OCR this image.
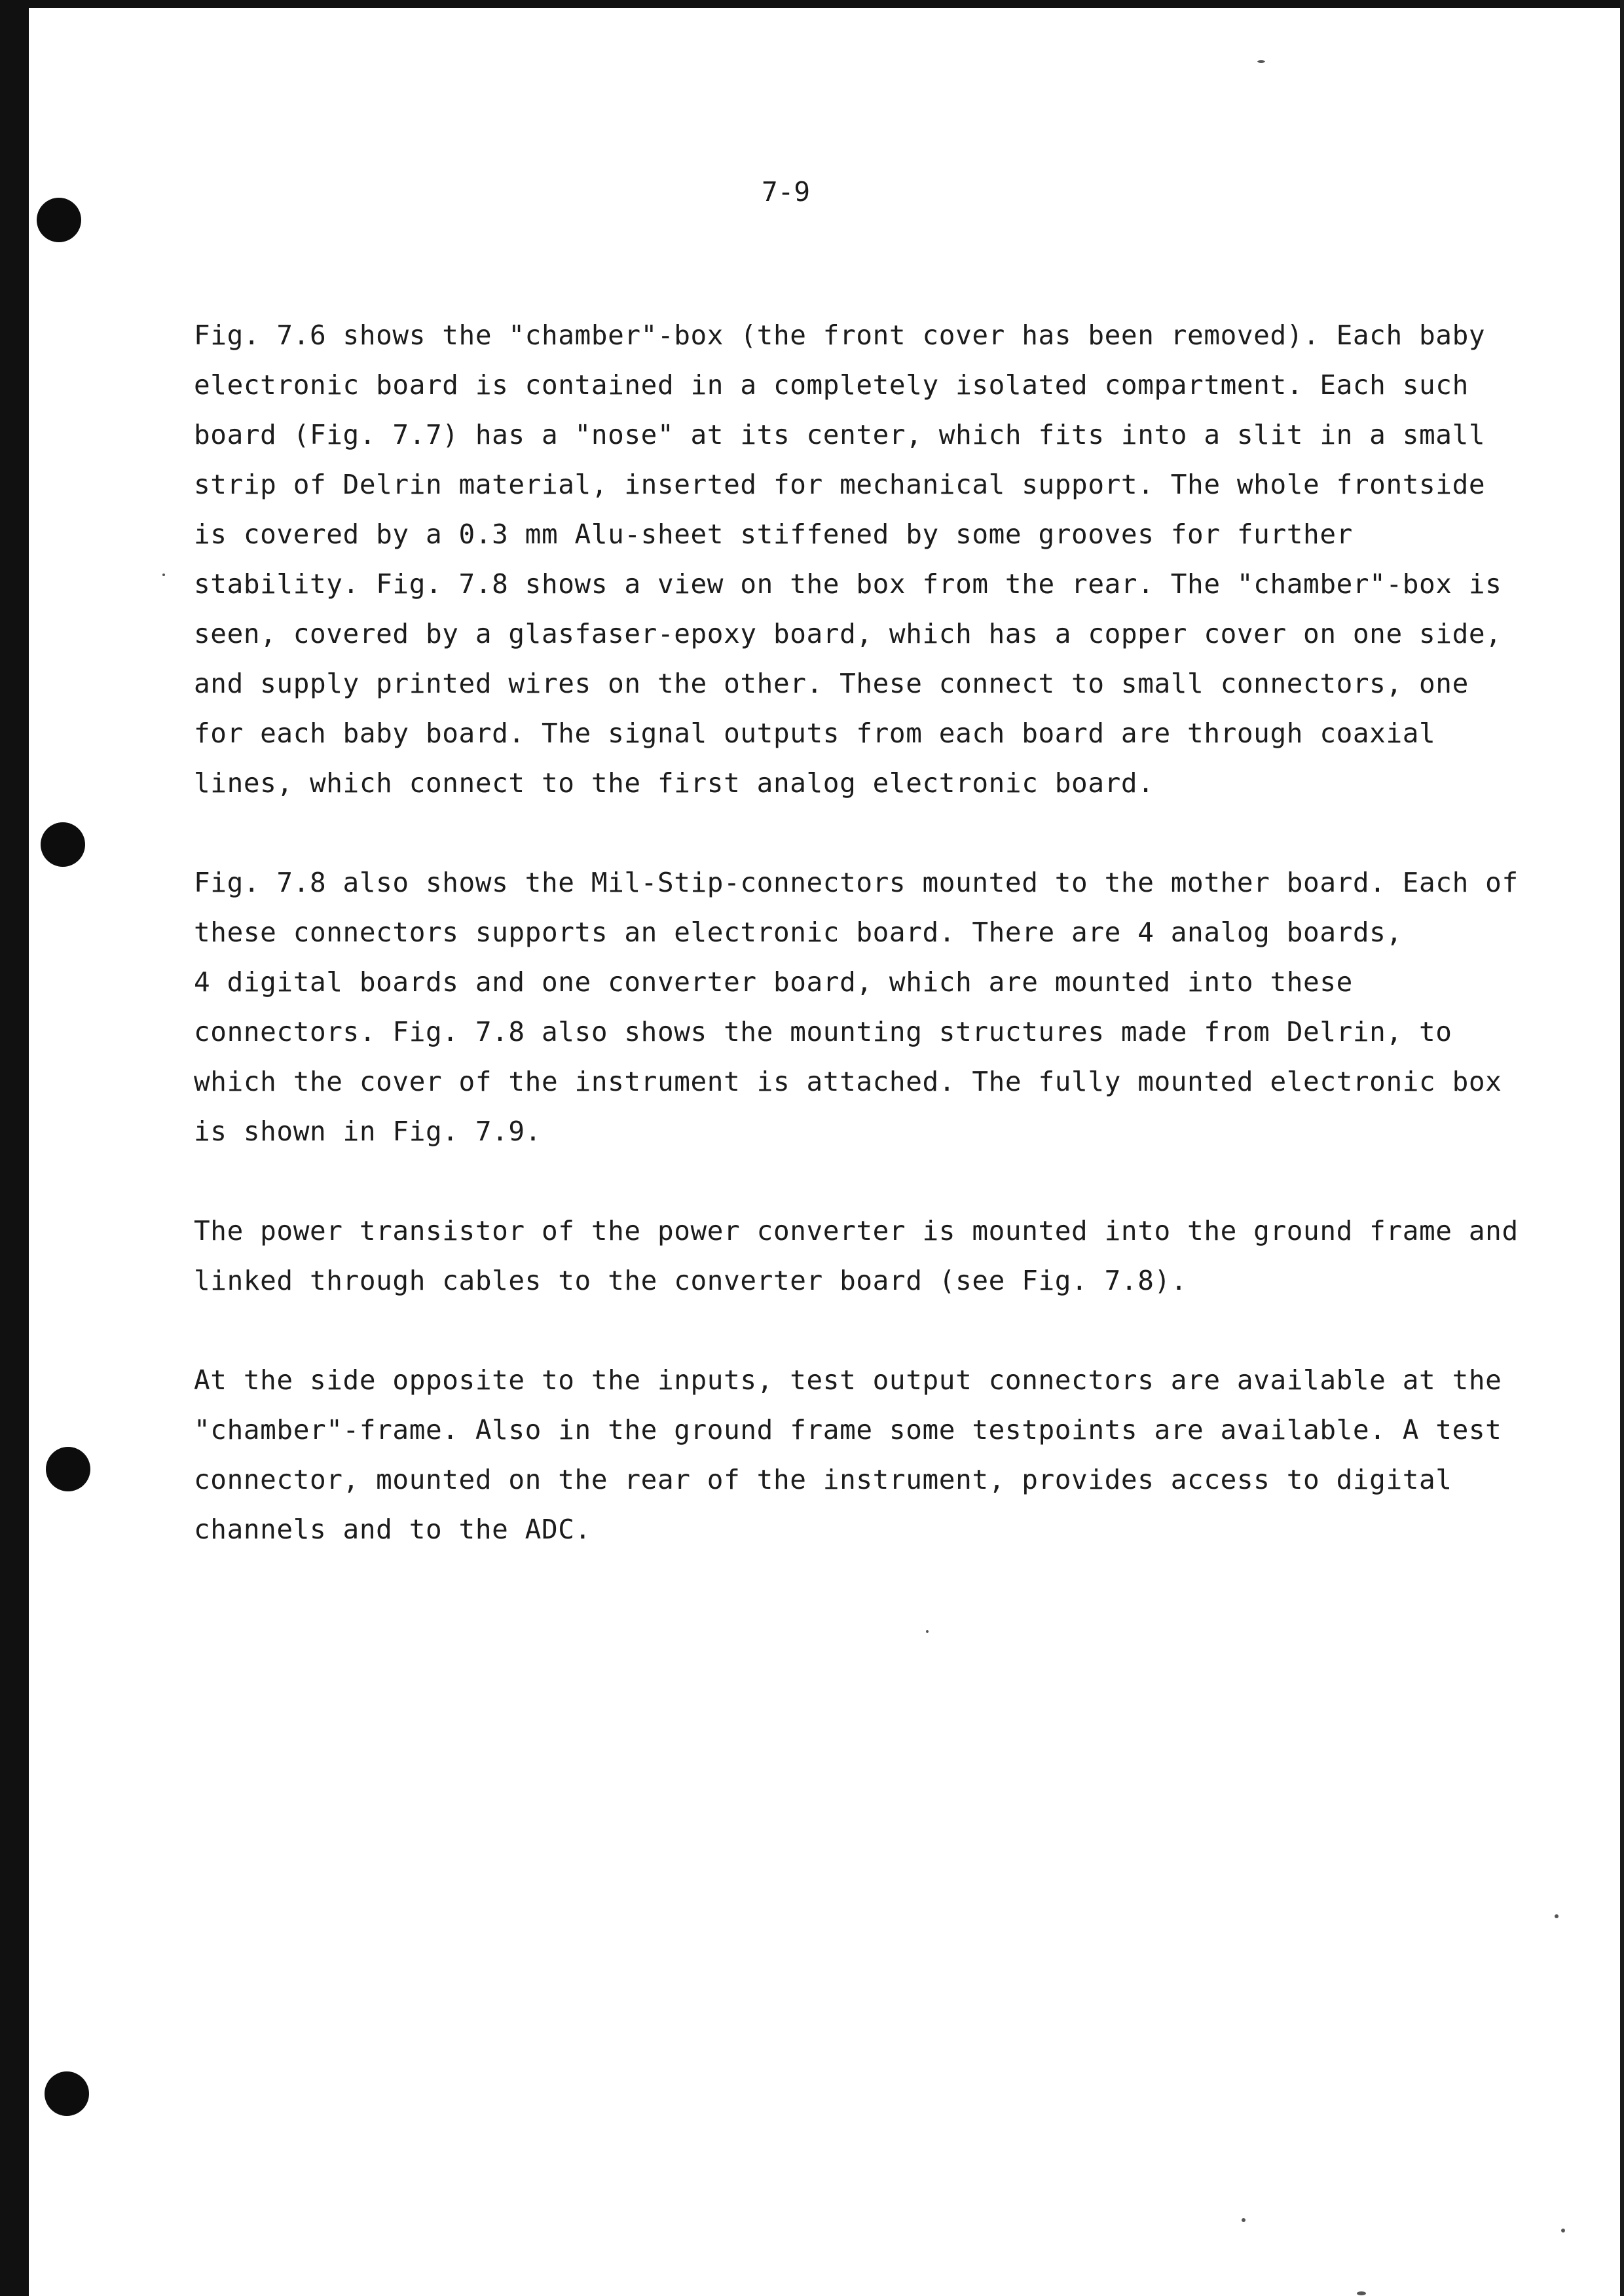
7-9

Fig. 7.6 shows the "chamber"-box (the front cover has been removed). Each baby
electronic board is contained in a completely isolated compartment. Each such
board (Fig. 7.7) has a "nose" at its center, which fits into a slit in a small
strip of Delrin material, inserted for mechanical support. The whole frontside
is covered by a 0.3 mm Alu-sheet stiffened by some grooves for further
stability. Fig. 7.8 shows a view on the box from the rear. The "chamber"-box is
seen, covered by a glasfaser-epoxy board, which has a copper cover on one side,
and supply printed wires on the other. These connect to small connectors, one
for each baby board. The signal outputs from each board are through coaxial
lines, which connect to the first analog electronic board.

Fig. 7.8 also shows the Mil-Stip-connectors mounted to the mother board. Each of
these connectors supports an electronic board. There are 4 analog boards,
4 digital boards and one converter board, which are mounted into these
connectors. Fig. 7.8 also shows the mounting structures made from Delrin, to
which the cover of the instrument is attached. The fully mounted electronic box
is shown in Fig. 7.9.

The power transistor of the power converter is mounted into the ground frame and
linked through cables to the converter board (see Fig. 7.8).

At the side opposite to the inputs, test output connectors are available at the
"chamber"-frame. Also in the ground frame some testpoints are available. A test
connector, mounted on the rear of the instrument, provides access to digital
channels and to the ADC.
